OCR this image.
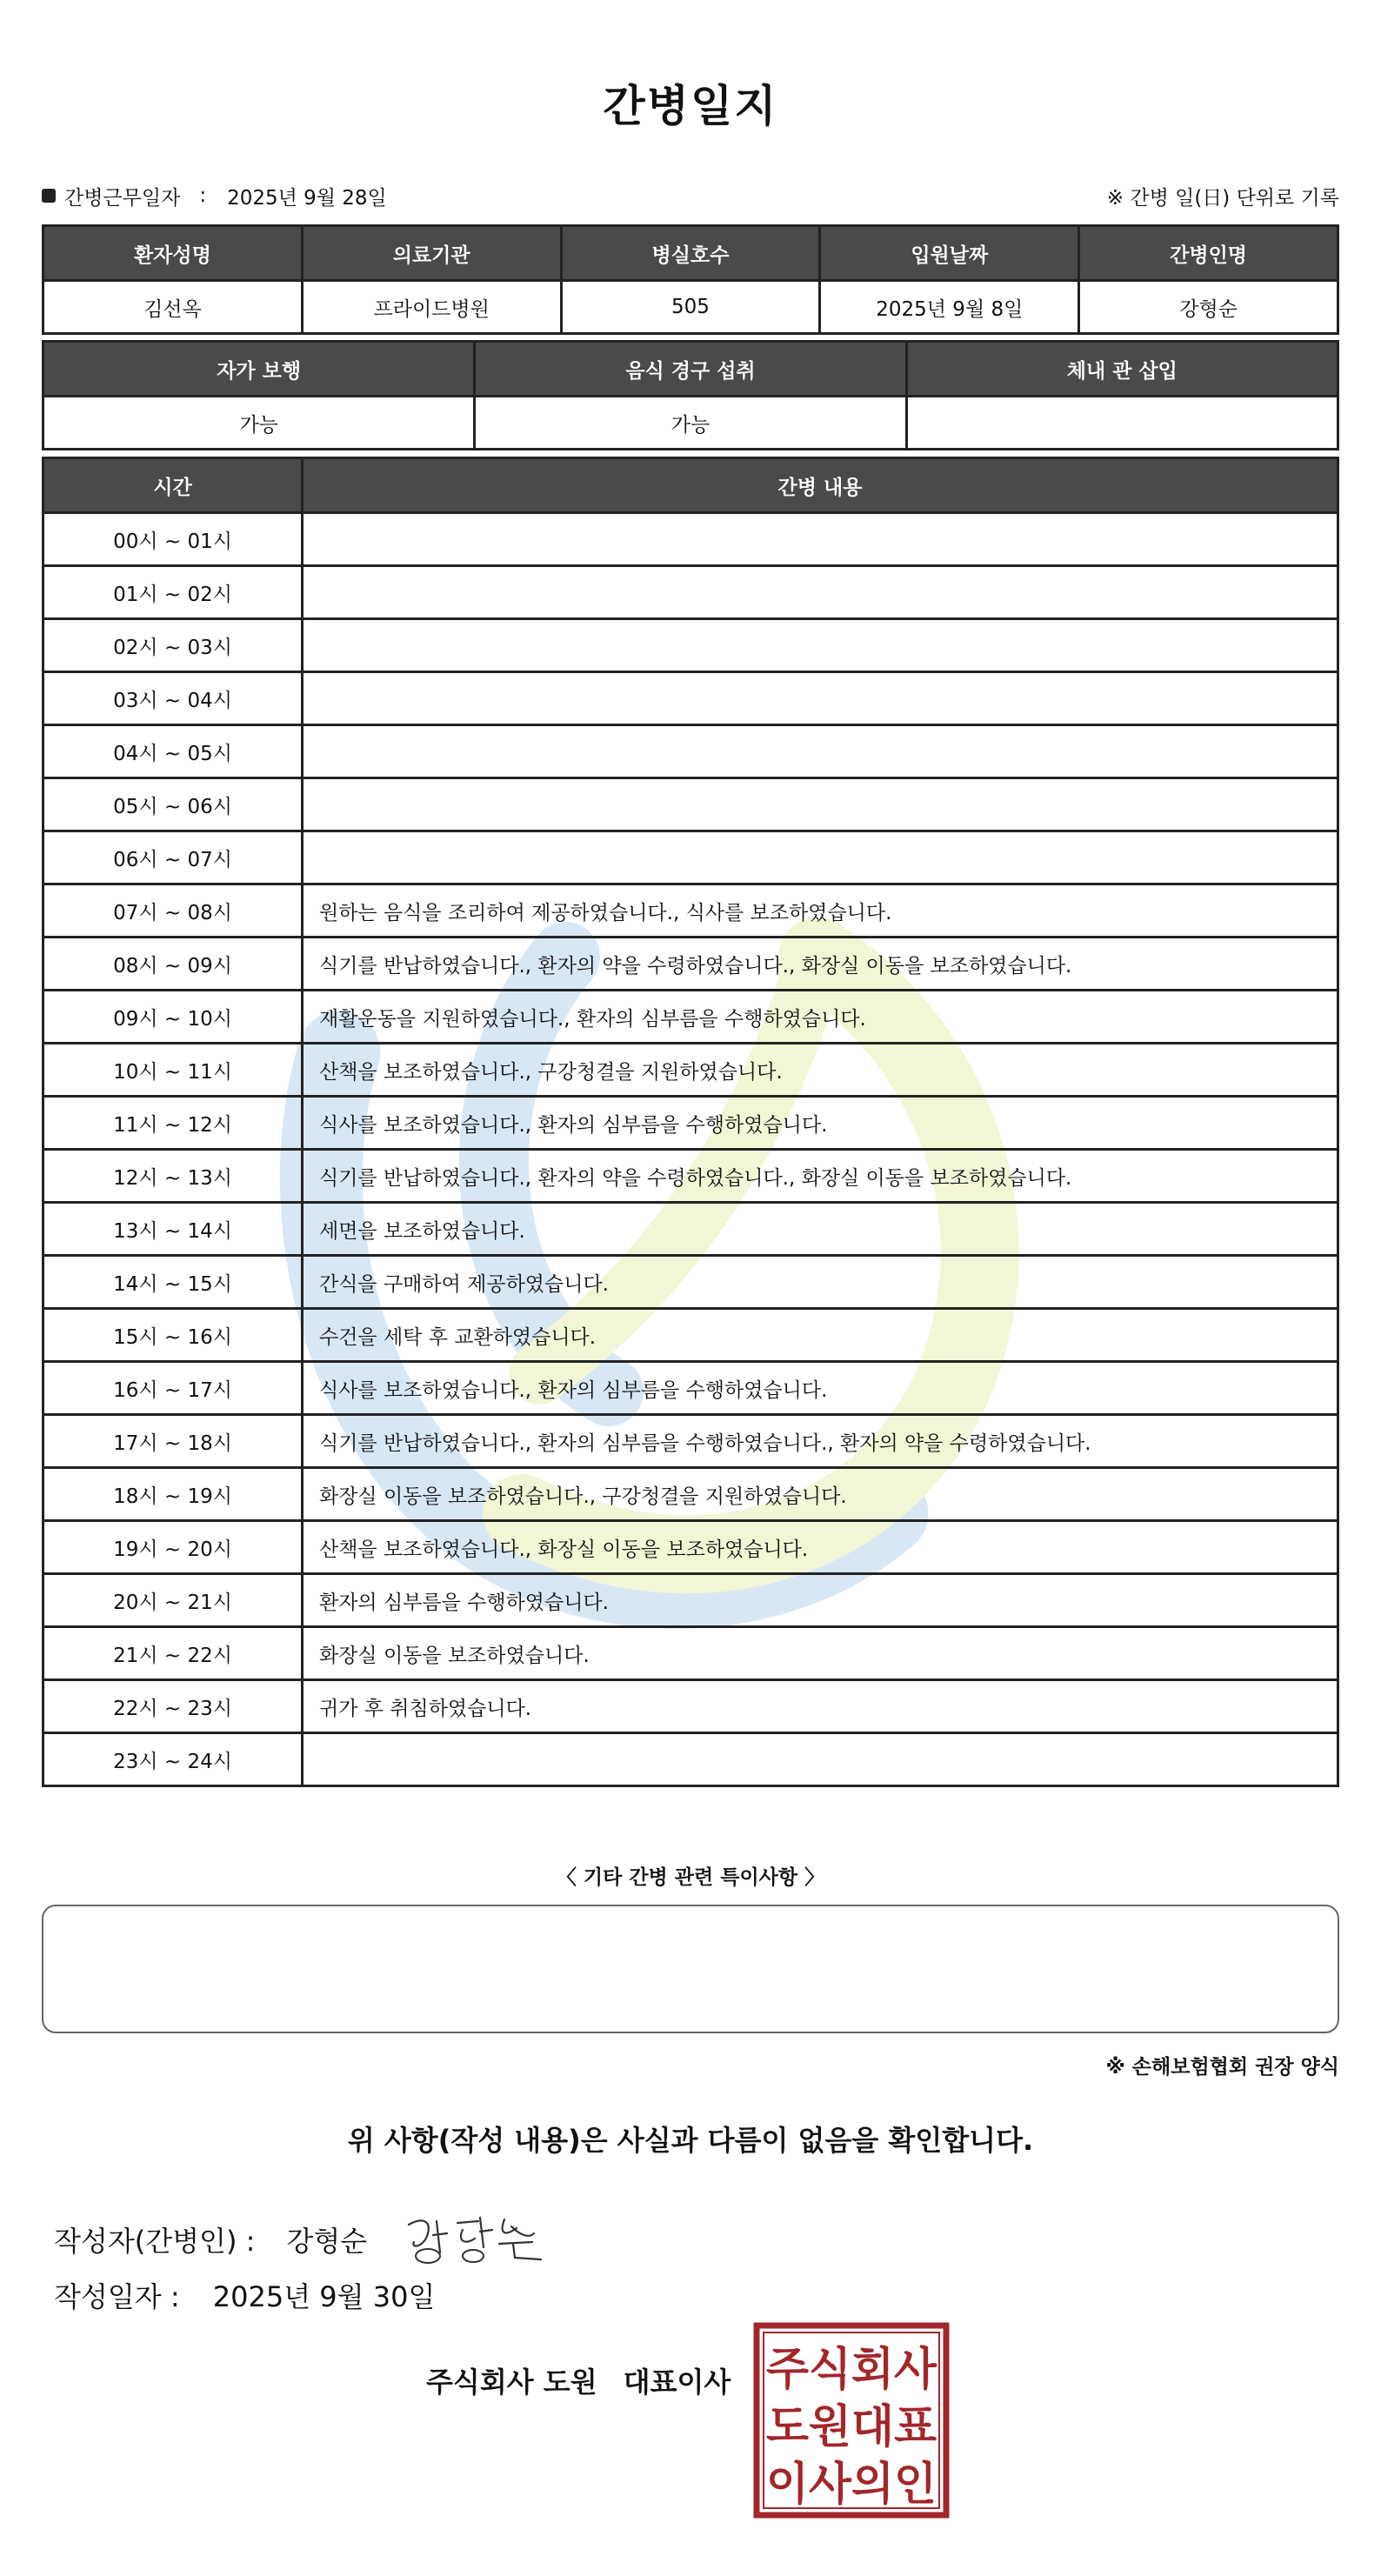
간병일지
간병근무일자 : 2025년 9월 28일	※ 간병 일(日) 단위로 기록
환자성명	의료기관	병실호수	입원날짜	간병인명
김선옥	프라이드병원	505	2025년 9월 8일	강형순
자가 보행	음식 경구 섭취	체내 관 삽입
가능	가능	
시간	간병 내용
00시 ~ 01시	
01시 ~ 02시	
02시 ~ 03시	
03시 ~ 04시	
04시 ~ 05시	
05시 ~ 06시	
06시 ~ 07시	
07시 ~ 08시	원하는 음식을 조리하여 제공하였습니다., 식사를 보조하였습니다.
08시 ~ 09시	식기를 반납하였습니다., 환자의 약을 수령하였습니다., 화장실 이동을 보조하였습니다.
09시 ~ 10시	재활운동을 지원하였습니다., 환자의 심부름을 수행하였습니다.
10시 ~ 11시	산책을 보조하였습니다., 구강청결을 지원하였습니다.
11시 ~ 12시	식사를 보조하였습니다., 환자의 심부름을 수행하였습니다.
12시 ~ 13시	식기를 반납하였습니다., 환자의 약을 수령하였습니다., 화장실 이동을 보조하였습니다.
13시 ~ 14시	세면을 보조하였습니다.
14시 ~ 15시	간식을 구매하여 제공하였습니다.
15시 ~ 16시	수건을 세탁 후 교환하였습니다.
16시 ~ 17시	식사를 보조하였습니다., 환자의 심부름을 수행하였습니다.
17시 ~ 18시	식기를 반납하였습니다., 환자의 심부름을 수행하였습니다., 환자의 약을 수령하였습니다.
18시 ~ 19시	화장실 이동을 보조하였습니다., 구강청결을 지원하였습니다.
19시 ~ 20시	산책을 보조하였습니다., 화장실 이동을 보조하였습니다.
20시 ~ 21시	환자의 심부름을 수행하였습니다.
21시 ~ 22시	화장실 이동을 보조하였습니다.
22시 ~ 23시	귀가 후 취침하였습니다.
23시 ~ 24시	
〈 기타 간병 관련 특이사항 〉
※ 손해보험협회 권장 양식
위 사항(작성 내용)은 사실과 다름이 없음을 확인합니다.
작성자(간병인) : 강형순
작성일자 : 2025년 9월 30일
주식회사 도원 대표이사 주식회사
도원대표
이사의인
